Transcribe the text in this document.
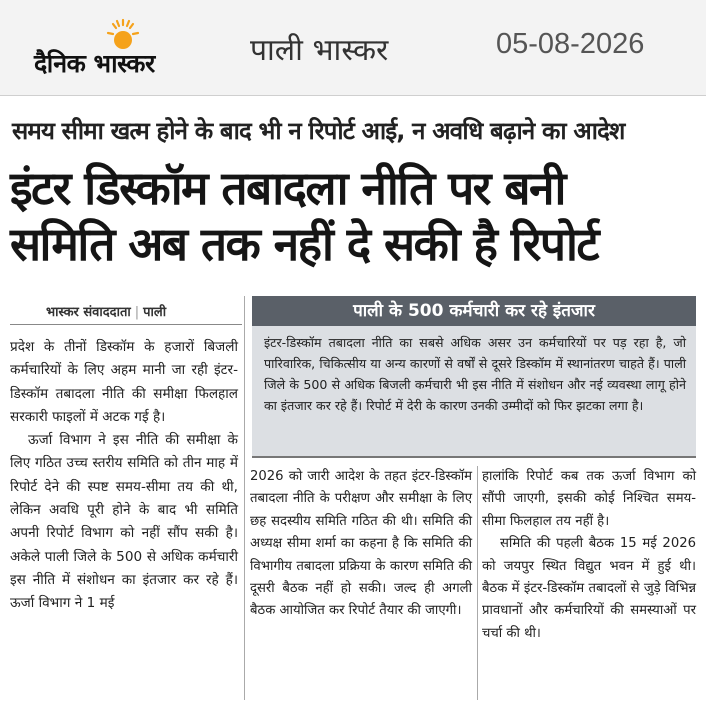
दैनिक भास्कर	पाली भास्कर	05-08-2026
समय सीमा खत्म होने के बाद भी न रिपोर्ट आई, न अवधि बढ़ाने का आदेश
इंटर डिस्कॉम तबादला नीति पर बनी
समिति अब तक नहीं दे सकी है रिपोर्ट
भास्कर संवाददाता | पाली

प्रदेश के तीनों डिस्कॉम के हजारों बिजली कर्मचारियों के लिए अहम मानी जा रही इंटर-डिस्कॉम तबादला नीति की समीक्षा फिलहाल सरकारी फाइलों में अटक गई है।

ऊर्जा विभाग ने इस नीति की समीक्षा के लिए गठित उच्च स्तरीय समिति को तीन माह में रिपोर्ट देने की स्पष्ट समय-सीमा तय की थी, लेकिन अवधि पूरी होने के बाद भी समिति अपनी रिपोर्ट विभाग को नहीं सौंप सकी है। अकेले पाली जिले के 500 से अधिक कर्मचारी इस नीति में संशोधन का इंतजार कर रहे हैं। ऊर्जा विभाग ने 1 मई

पाली के 500 कर्मचारी कर रहे इंतजार

इंटर-डिस्कॉम तबादला नीति का सबसे अधिक असर उन कर्मचारियों पर पड़ रहा है, जो पारिवारिक, चिकित्सीय या अन्य कारणों से वर्षों से दूसरे डिस्कॉम में स्थानांतरण चाहते हैं। पाली जिले के 500 से अधिक बिजली कर्मचारी भी इस नीति में संशोधन और नई व्यवस्था लागू होने का इंतजार कर रहे हैं। रिपोर्ट में देरी के कारण उनकी उम्मीदों को फिर झटका लगा है।

2026 को जारी आदेश के तहत इंटर-डिस्कॉम तबादला नीति के परीक्षण और समीक्षा के लिए छह सदस्यीय समिति गठित की थी। समिति की अध्यक्ष सीमा शर्मा का कहना है कि समिति की विभागीय तबादला प्रक्रिया के कारण समिति की दूसरी बैठक नहीं हो सकी। जल्द ही अगली बैठक आयोजित कर रिपोर्ट तैयार की जाएगी।

हालांकि रिपोर्ट कब तक ऊर्जा विभाग को सौंपी जाएगी, इसकी कोई निश्चित समय-सीमा फिलहाल तय नहीं है।

समिति की पहली बैठक 15 मई 2026 को जयपुर स्थित विद्युत भवन में हुई थी। बैठक में इंटर-डिस्कॉम तबादलों से जुड़े विभिन्न प्रावधानों और कर्मचारियों की समस्याओं पर चर्चा की थी।
